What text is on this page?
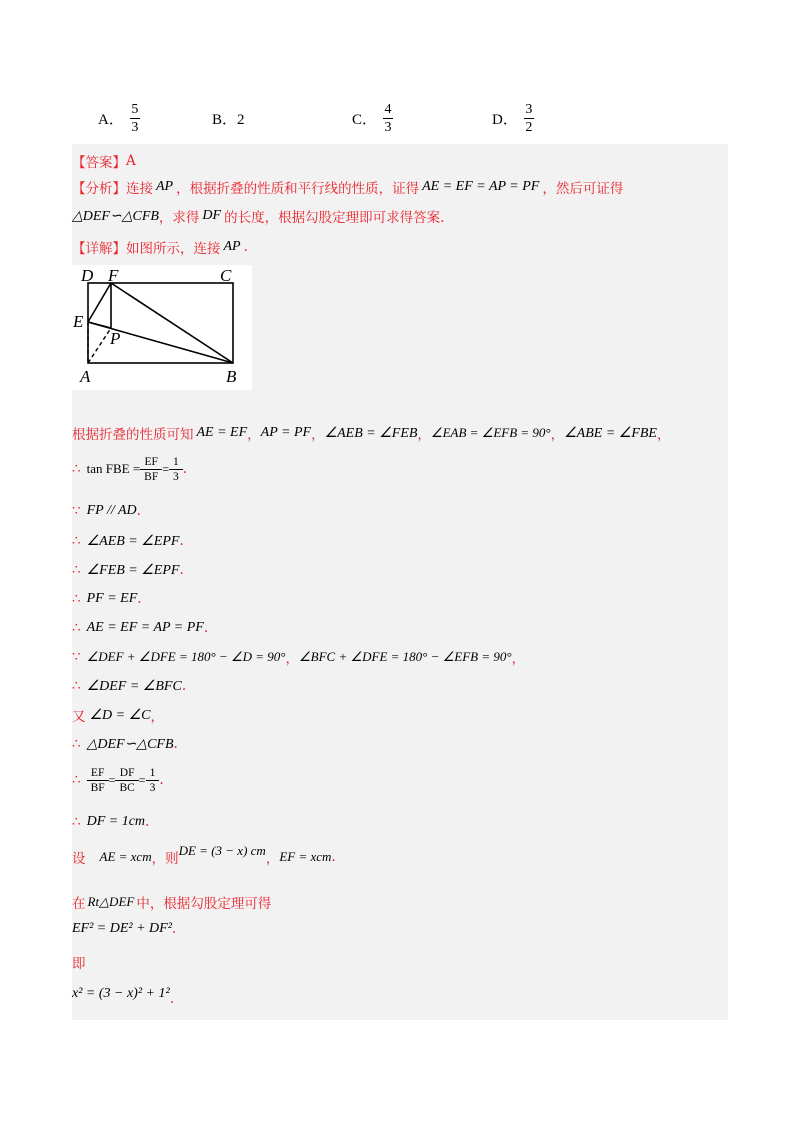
A． $\frac{5}{3}$	B．2	C． $\frac{4}{3}$	D． $\frac{3}{2}$
【答案】 A
【分析】 连接 AP ，根据折叠的性质和平行线的性质，证得 AE = EF = AP = PF ，然后可证得
△DEF∽△CFB ，求得 DF 的长度，根据勾股定理即可求得答案.
【详解】 如图所示，连接 AP .
D F	C
E
P
A	B
根据折叠的性质可知 AE = EF ， AP = PF ， ∠AEB = ∠FEB ， ∠EAB = ∠EFB = 90° ， ∠ABE = ∠FBE ，
∴ tan FBE = EF
BF
= 1
3 .
∵ FP // AD .
∴ ∠AEB = ∠EPF .
∴ ∠FEB = ∠EPF .
∴ PF = EF .
∴ AE = EF = AP = PF .
∵ ∠DEF + ∠DFE = 180° − ∠D = 90° ， ∠BFC + ∠DFE = 180° − ∠EFB = 90° ，
∴ ∠DEF = ∠BFC .
又 ∠D = ∠C ，
∴ △DEF∽△CFB .
∴ EF
BF
= DF
BC
= 1
3 .
∴ DF = 1cm .
设 AE = xcm ，则
DE = (3 − x) cm
， EF = xcm .
在 Rt△DEF 中，根据勾股定理可得
EF² = DE² + DF² .
即
x² = (3 − x)² + 1² .
